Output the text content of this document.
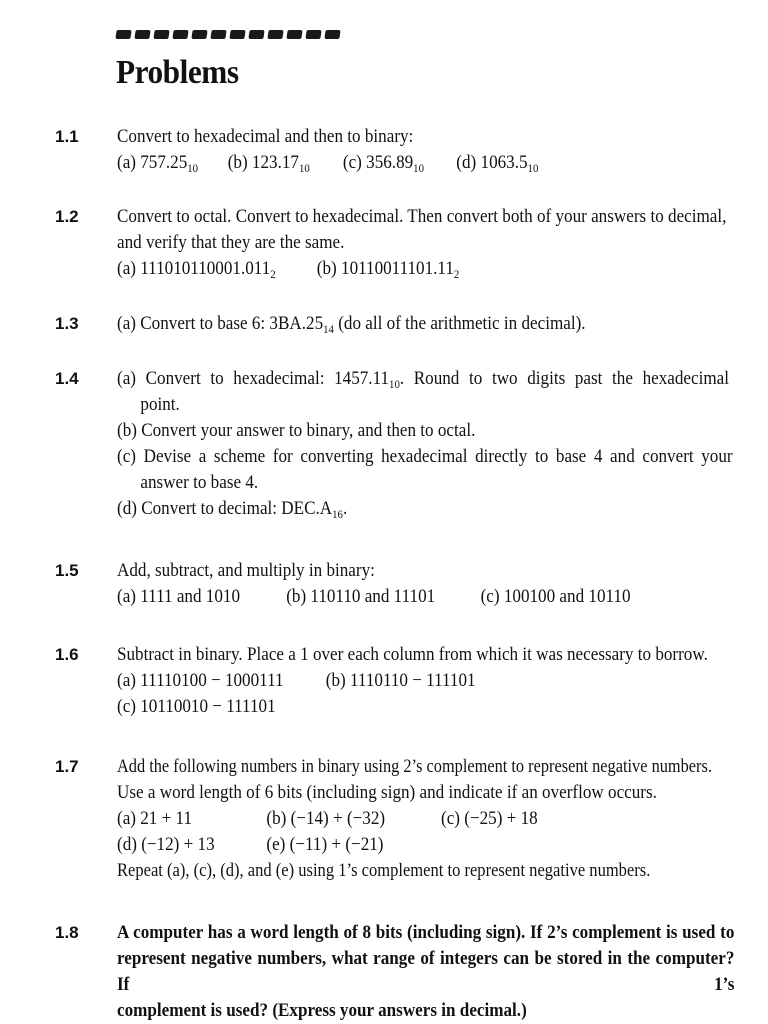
Problems
1.1 Convert to hexadecimal and then to binary:
(a) $757.25_{10}$	(b) $123.17_{10}$	(c) $356.89_{10}$	(d) $1063.5_{10}$
1.2 Convert to octal. Convert to hexadecimal. Then convert both of your answers to decimal,
and verify that they are the same.
(a) $111010110001.011_2$	(b) $10110011101.11_2$
1.3 (a) Convert to base 6: $3BA.25_{14}$ (do all of the arithmetic in decimal).
1.4 (a) Convert to hexadecimal: $1457.11_{10}$. Round to two digits past the hexadecimal
point.
(b) Convert your answer to binary, and then to octal.
(c) Devise a scheme for converting hexadecimal directly to base 4 and convert your
answer to base 4.
(d) Convert to decimal: $DEC.A_{16}$.
1.5 Add, subtract, and multiply in binary:
(a) 1111 and 1010	(b) 110110 and 11101	(c) 100100 and 10110
1.6 Subtract in binary. Place a 1 over each column from which it was necessary to borrow.
(a) 11110100 − 1000111	(b) 1110110 − 111101
(c) 10110010 − 111101
1.7 Add the following numbers in binary using 2’s complement to represent negative numbers.
Use a word length of 6 bits (including sign) and indicate if an overflow occurs.
(a) 21 + 11	(b) (−14) + (−32)	(c) (−25) + 18
(d) (−12) + 13	(e) (−11) + (−21)
Repeat (a), (c), (d), and (e) using 1’s complement to represent negative numbers.
1.8 A computer has a word length of 8 bits (including sign). If 2’s complement is used to
represent negative numbers, what range of integers can be stored in the computer? If 1’s
complement is used? (Express your answers in decimal.)
